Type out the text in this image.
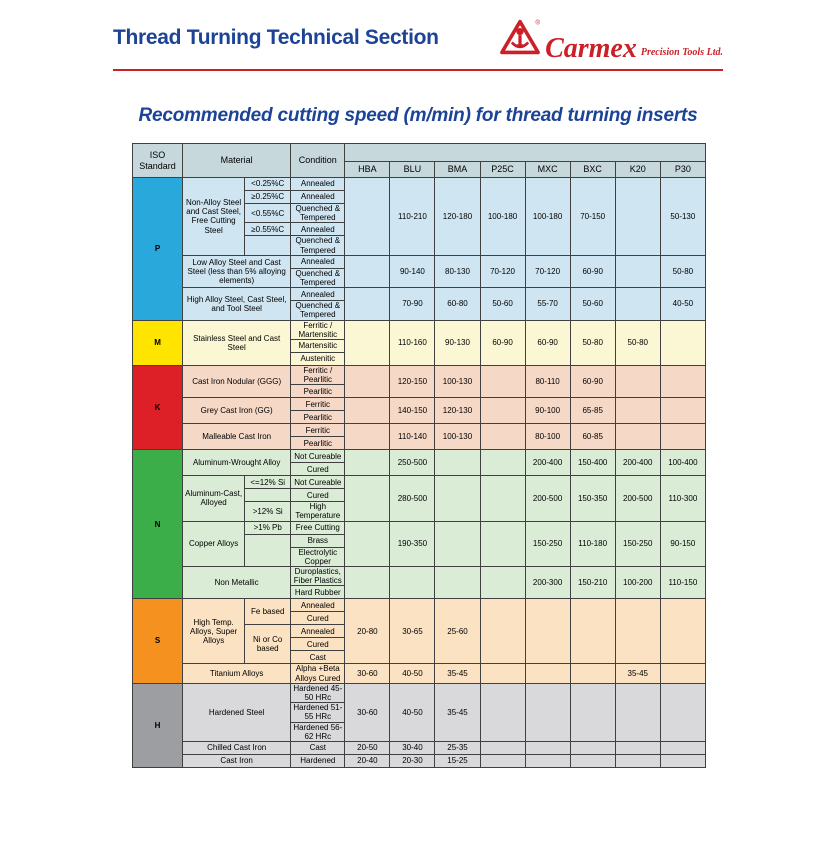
Thread Turning Technical Section
®
Carmex Precision Tools Ltd.
Recommended cutting speed (m/min) for thread turning inserts
ISO Standard	Material		Condition								
				HBA	BLU	BMA	P25C	MXC	BXC	K20	P30
P	Non-Alloy Steel and Cast Steel, Free Cutting Steel	<0.25%C	Annealed		110-210	120-180	100-180	100-180	70-150		50-130
		≥0.25%C	Annealed								
		<0.55%C	Quenched & Tempered								
		≥0.55%C	Annealed								
			Quenched & Tempered								
	Low Alloy Steel and Cast Steel (less than 5% alloying elements)		Annealed		90-140	80-130	70-120	70-120	60-90		50-80
			Quenched & Tempered								
	High Alloy Steel, Cast Steel, and Tool Steel		Annealed		70-90	60-80	50-60	55-70	50-60		40-50
			Quenched & Tempered								
M	Stainless Steel and Cast Steel		Ferritic / Martensitic		110-160	90-130	60-90	60-90	50-80	50-80	
			Martensitic								
			Austenitic								
K	Cast Iron Nodular (GGG)		Ferritic / Pearlitic		120-150	100-130		80-110	60-90		
			Pearlitic								
	Grey Cast Iron (GG)		Ferritic		140-150	120-130		90-100	65-85		
			Pearlitic								
	Malleable Cast Iron		Ferritic		110-140	100-130		80-100	60-85		
			Pearlitic								
N	Aluminum-Wrought Alloy		Not Cureable		250-500			200-400	150-400	200-400	100-400
			Cured								
	Aluminum-Cast, Alloyed	<=12% Si	Not Cureable		280-500			200-500	150-350	200-500	110-300
			Cured								
		>12% Si	High Temperature								
	Copper Alloys	>1% Pb	Free Cutting		190-350			150-250	110-180	150-250	90-150
			Brass								
			Electrolytic Copper								
	Non Metallic		Duroplastics, Fiber Plastics					200-300	150-210	100-200	110-150
			Hard Rubber								
S	High Temp. Alloys, Super Alloys	Fe based	Annealed	20-80	30-65	25-60					
			Cured								
		Ni or Co based	Annealed								
			Cured								
			Cast								
	Titanium Alloys		Alpha +Beta Alloys Cured	30-60	40-50	35-45				35-45	
H	Hardened Steel		Hardened 45-50 HRc	30-60	40-50	35-45					
			Hardened 51-55 HRc								
			Hardened 56-62 HRc								
	Chilled Cast Iron		Cast	20-50	30-40	25-35					
	Cast Iron		Hardened	20-40	20-30	15-25					
